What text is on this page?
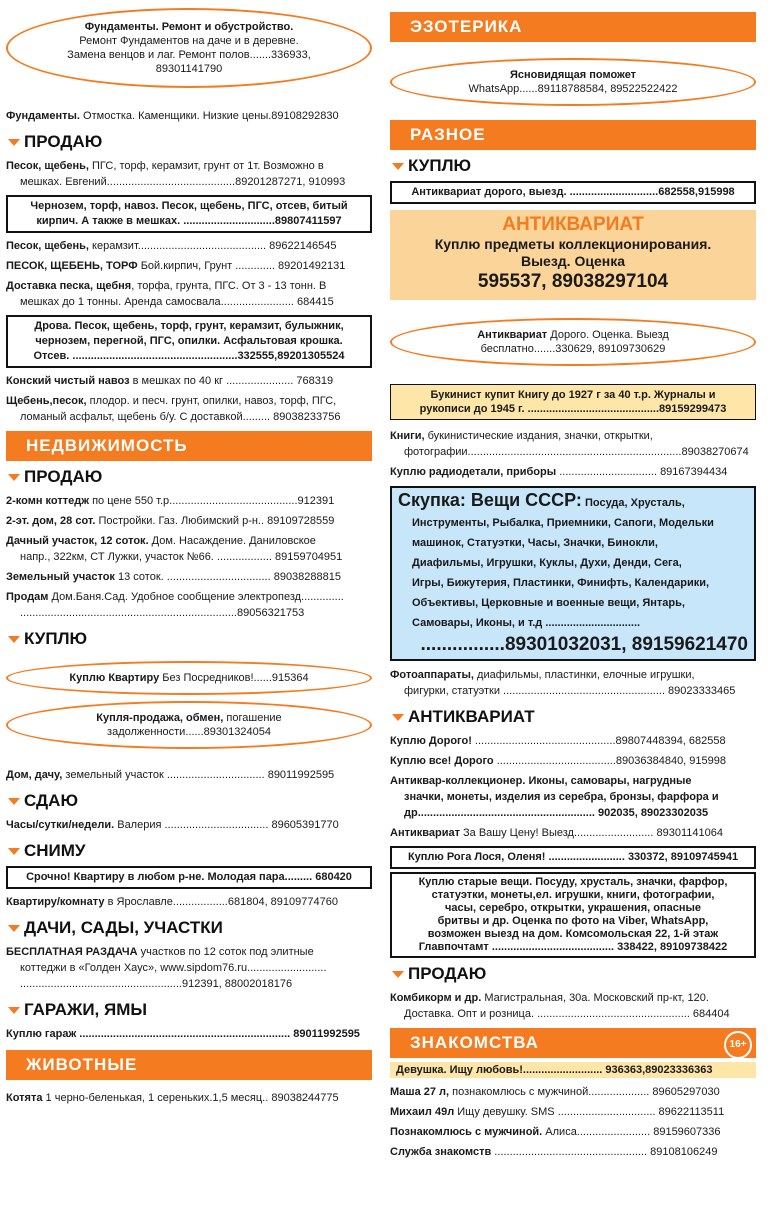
Фундаменты. Ремонт и обустройство.
Ремонт Фундаментов на даче и в деревне.
Замена венцов и лаг. Ремонт полов.......336933,
89301141790

Фундаменты. Отмостка. Каменщики. Низкие цены.89108292830

ПРОДАЮ

Песок, щебень, ПГС, торф, керамзит, грунт от 1т. Возможно в
мешках. Евгений..........................................89201287271, 910993

Чернозем, торф, навоз. Песок, щебень, ПГС, отсев, битый
кирпич. А также в мешках. ..............................89807411597

Песок, щебень, керамзит.......................................... 89622146545

ПЕСОК, ЩЕБЕНЬ, ТОРФ Бой.кирпич, Грунт ............. 89201492131

Доставка песка, щебня, торфа, грунта, ПГС. От 3 - 13 тонн. В
мешках до 1 тонны. Аренда самосвала........................ 684415

Дрова. Песок, щебень, торф, грунт, керамзит, булыжник,
чернозем, перегной, ПГС, опилки. Асфальтовая крошка.
Отсев. ......................................................332555,89201305524

Конский чистый навоз в мешках по 40 кг ...................... 768319

Щебень,песок, плодор. и песч. грунт, опилки, навоз, торф, ПГС,
ломаный асфальт, щебень б/у. С доставкой......... 89038233756

НЕДВИЖИМОСТЬ
ПРОДАЮ

2-комн коттедж по цене 550 т.р..........................................912391

2-эт. дом, 28 сот. Постройки. Газ. Любимский р-н.. 89109728559

Дачный участок, 12 соток. Дом. Насаждение. Даниловское
напр., 322км, СТ Лужки, участок №66. .................. 89159704951

Земельный участок 13 соток. .................................. 89038288815

Продам Дом.Баня.Сад. Удобное сообщение электропезд..............
.......................................................................89056321753

КУПЛЮ
Куплю Квартиру Без Посредников!......915364
Купля-продажа, обмен, погашение
задолженности......89301324054

Дом, дачу, земельный участок ................................ 89011992595

СДАЮ

Часы/сутки/недели. Валерия .................................. 89605391770

СНИМУ
Срочно! Квартиру в любом р-не. Молодая пара......... 680420

Квартиру/комнату в Ярославле..................681804, 89109774760

ДАЧИ, САДЫ, УЧАСТКИ

БЕСПЛАТНАЯ РАЗДАЧА участков по 12 соток под элитные
коттеджи в «Голден Хаус», www.sipdom76.ru..........................
.....................................................912391, 88002018176

ГАРАЖИ, ЯМЫ

Куплю гараж ..................................................................... 89011992595

ЖИВОТНЫЕ

Котята 1 черно-беленькая, 1 сереньких.1,5 месяц.. 89038244775

ЭЗОТЕРИКА
Ясновидящая поможет
WhatsApp......89118788584, 89522522422
РАЗНОЕ
КУПЛЮ
Антиквариат дорого, выезд. .............................682558,915998
АНТИКВАРИАТ
Куплю предметы коллекционирования.
Выезд. Оценка
595537, 89038297104
Антиквариат Дорого. Оценка. Выезд
бесплатно.......330629, 89109730629
Букинист купит Книгу до 1927 г за 40 т.р. Журналы и
рукописи до 1945 г. ...........................................89159299473

Книги, букинистические издания, значки, открытки,
фотографии......................................................................89038270674

Куплю радиодетали, приборы ................................ 89167394434

Скупка: Вещи СССР: Посуда, Хрусталь,
Инструменты, Рыбалка, Приемники, Сапоги, Модельки
машинок, Статуэтки, Часы, Значки, Бинокли,
Диафильмы, Игрушки, Куклы, Духи, Денди, Сега,
Игры, Бижутерия, Пластинки, Финифть, Календарики,
Объективы, Церковные и военные вещи, Янтарь,
Самовары, Иконы, и т.д ...............................
................89301032031, 89159621470

Фотоаппараты, диафильмы, пластинки, елочные игрушки,
фигурки, статуэтки ..................................................... 89023333465

АНТИКВАРИАТ

Куплю Дорого! ..............................................89807448394, 682558

Куплю все! Дорого .......................................89036384840, 915998

Антиквар-коллекционер. Иконы, самовары, нагрудные
значки, монеты, изделия из серебра, бронзы, фарфора и
др.......................................................... 902035, 89023302035

Антиквариат За Вашу Цену! Выезд.......................... 89301141064

Куплю Рога Лося, Оленя! ......................... 330372, 89109745941
Куплю старые вещи. Посуду, хрусталь, значки, фарфор,
статуэтки, монеты,ел. игрушки, книги, фотографии,
часы, серебро, открытки, украшения, опасные
бритвы и др. Оценка по фото на Viber, WhatsApp,
возможен выезд на дом. Комсомольская 22, 1-й этаж
Главпочтамт ........................................ 338422, 89109738422
ПРОДАЮ

Комбикорм и др. Магистральная, 30а. Московский пр-кт, 120.
Доставка. Опт и розница. .................................................. 684404

ЗНАКОМСТВА	16+
Девушка. Ищу любовь!.......................... 936363,89023336363

Маша 27 л, познакомлюсь с мужчиной.................... 89605297030

Михаил 49л Ищу девушку. SMS ................................ 89622113511

Познакомлюсь с мужчиной. Алиса........................ 89159607336

Служба знакомств .................................................. 89108106249
